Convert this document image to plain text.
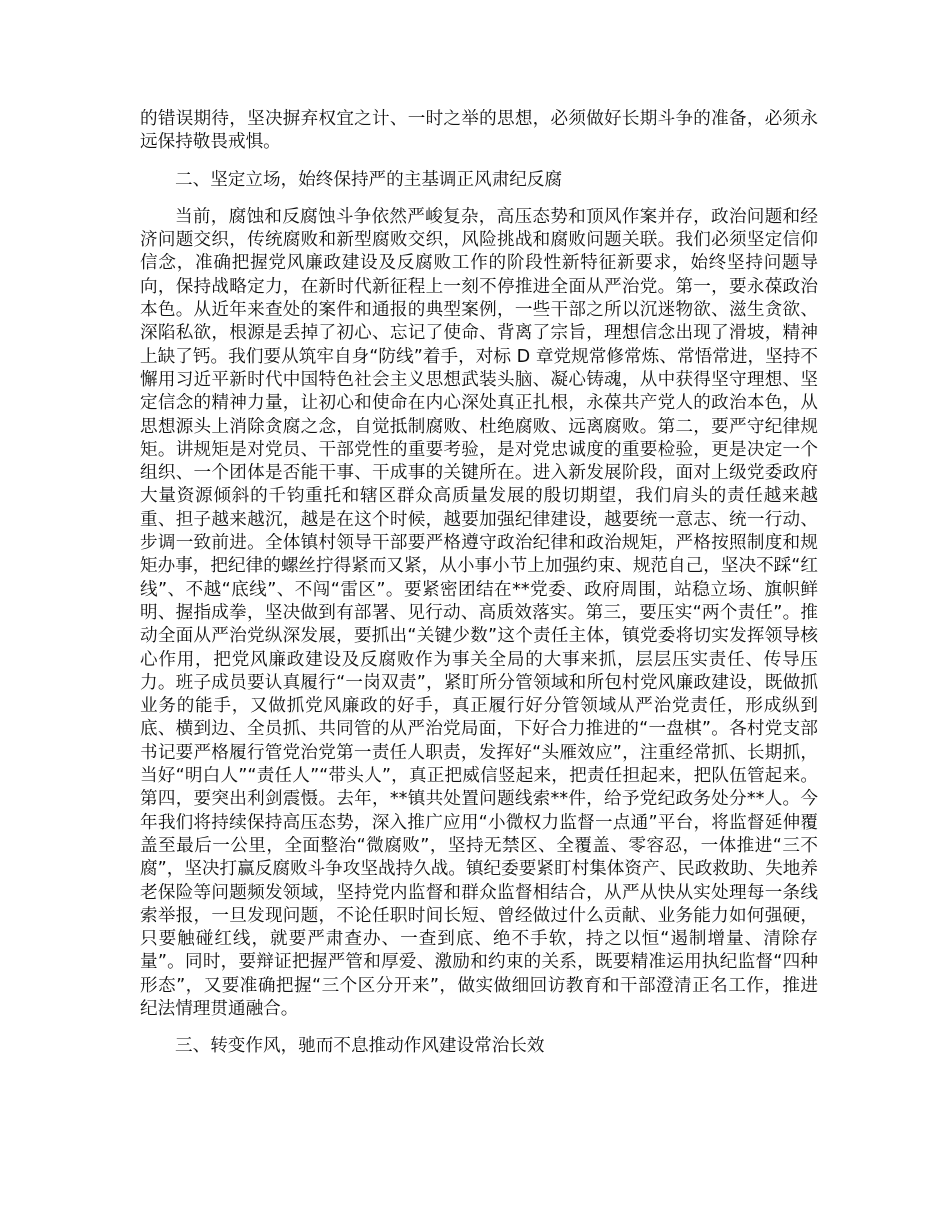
的错误期待，坚决摒弃权宜之计、一时之举的思想，必须做好长期斗争的准备，必须永远保持敬畏戒惧。

二、坚定立场，始终保持严的主基调正风肃纪反腐

当前，腐蚀和反腐蚀斗争依然严峻复杂，高压态势和顶风作案并存，政治问题和经济问题交织，传统腐败和新型腐败交织，风险挑战和腐败问题关联。我们必须坚定信仰信念，准确把握党风廉政建设及反腐败工作的阶段性新特征新要求，始终坚持问题导向，保持战略定力，在新时代新征程上一刻不停推进全面从严治党。第一，要永葆政治本色。从近年来查处的案件和通报的典型案例，一些干部之所以沉迷物欲、滋生贪欲、深陷私欲，根源是丢掉了初心、忘记了使命、背离了宗旨，理想信念出现了滑坡，精神上缺了钙。我们要从筑牢自身“防线”着手，对标 D 章党规常修常炼、常悟常进，坚持不懈用习近平新时代中国特色社会主义思想武装头脑、凝心铸魂，从中获得坚守理想、坚定信念的精神力量，让初心和使命在内心深处真正扎根，永葆共产党人的政治本色，从思想源头上消除贪腐之念，自觉抵制腐败、杜绝腐败、远离腐败。第二，要严守纪律规矩。讲规矩是对党员、干部党性的重要考验，是对党忠诚度的重要检验，更是决定一个组织、一个团体是否能干事、干成事的关键所在。进入新发展阶段，面对上级党委政府大量资源倾斜的千钧重托和辖区群众高质量发展的殷切期望，我们肩头的责任越来越重、担子越来越沉，越是在这个时候，越要加强纪律建设，越要统一意志、统一行动、步调一致前进。全体镇村领导干部要严格遵守政治纪律和政治规矩，严格按照制度和规矩办事，把纪律的螺丝拧得紧而又紧，从小事小节上加强约束、规范自己，坚决不踩“红线”、不越“底线”、不闯“雷区”。要紧密团结在**党委、政府周围，站稳立场、旗帜鲜明、握指成拳，坚决做到有部署、见行动、高质效落实。第三，要压实“两个责任”。推动全面从严治党纵深发展，要抓出“关键少数”这个责任主体，镇党委将切实发挥领导核心作用，把党风廉政建设及反腐败作为事关全局的大事来抓，层层压实责任、传导压力。班子成员要认真履行“一岗双责”，紧盯所分管领域和所包村党风廉政建设，既做抓业务的能手，又做抓党风廉政的好手，真正履行好分管领域从严治党责任，形成纵到底、横到边、全员抓、共同管的从严治党局面，下好合力推进的“一盘棋”。各村党支部书记要严格履行管党治党第一责任人职责，发挥好“头雁效应”，注重经常抓、长期抓，当好“明白人”“责任人”“带头人”，真正把威信竖起来，把责任担起来，把队伍管起来。第四，要突出利剑震慑。去年，**镇共处置问题线索**件，给予党纪政务处分**人。今年我们将持续保持高压态势，深入推广应用“小微权力监督一点通”平台，将监督延伸覆盖至最后一公里，全面整治“微腐败”，坚持无禁区、全覆盖、零容忍，一体推进“三不腐”，坚决打赢反腐败斗争攻坚战持久战。镇纪委要紧盯村集体资产、民政救助、失地养老保险等问题频发领域，坚持党内监督和群众监督相结合，从严从快从实处理每一条线索举报，一旦发现问题，不论任职时间长短、曾经做过什么贡献、业务能力如何强硬，只要触碰红线，就要严肃查办、一查到底、绝不手软，持之以恒“遏制增量、清除存量”。同时，要辩证把握严管和厚爱、激励和约束的关系，既要精准运用执纪监督“四种形态”，又要准确把握“三个区分开来”，做实做细回访教育和干部澄清正名工作，推进纪法情理贯通融合。

三、转变作风，驰而不息推动作风建设常治长效
